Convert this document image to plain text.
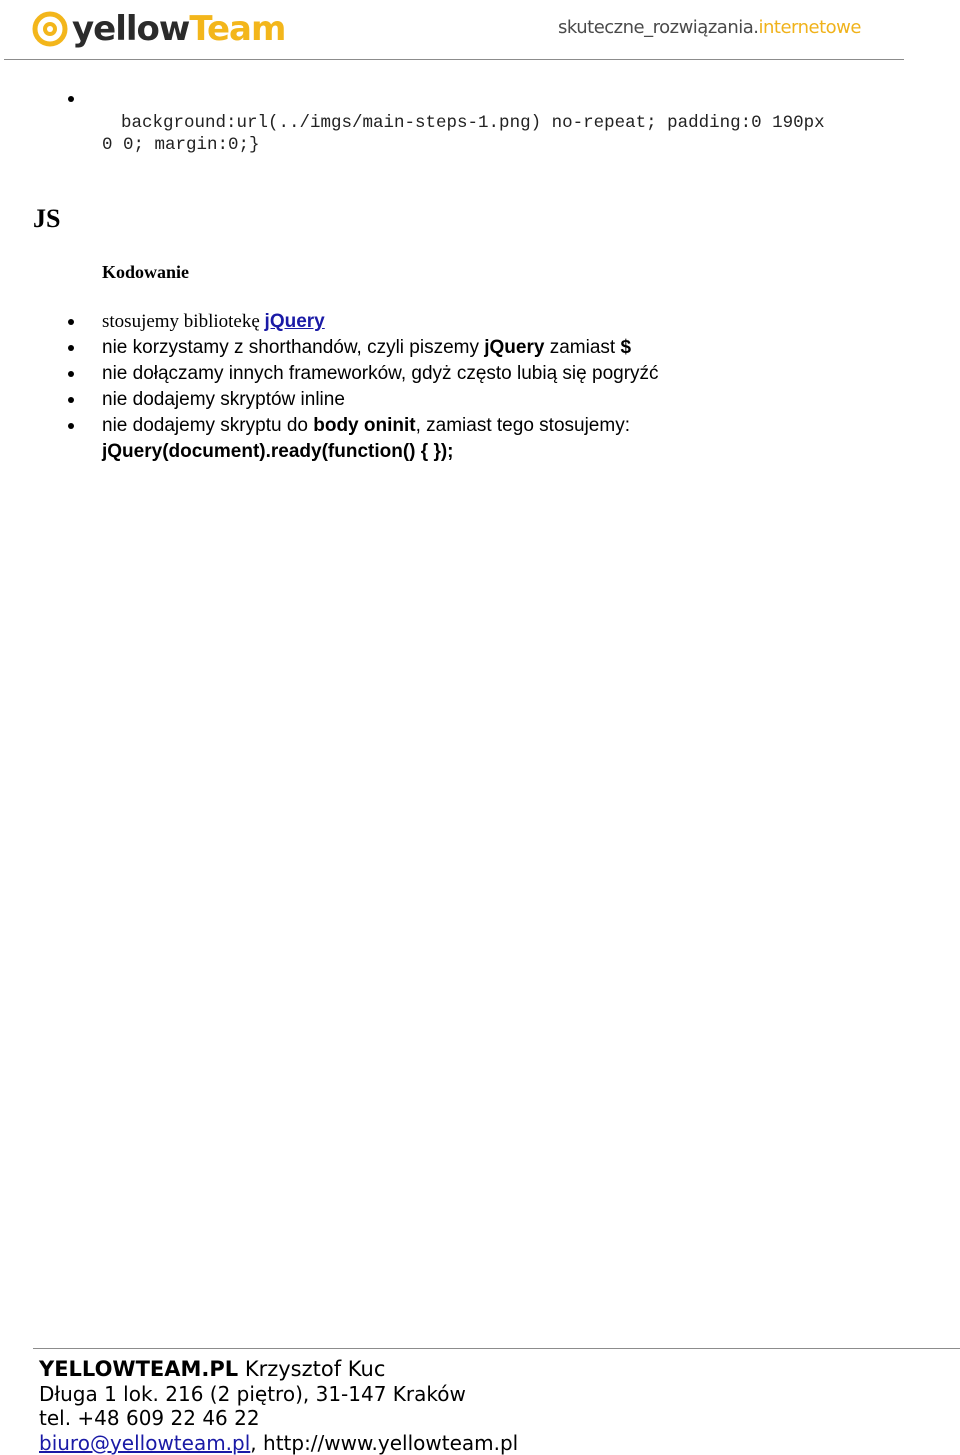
yellowTeam	skuteczne_rozwiązania.internetowe
background:url(../imgs/main-steps-1.png) no-repeat; padding:0 190px
0 0; margin:0;}
JS
Kodowanie
stosujemy bibliotekę jQuery
nie korzystamy z shorthandów, czyli piszemy jQuery zamiast $
nie dołączamy innych frameworków, gdyż często lubią się pogryźć
nie dodajemy skryptów inline
nie dodajemy skryptu do body oninit, zamiast tego stosujemy:
jQuery(document).ready(function() { });
YELLOWTEAM.PL Krzysztof Kuc
Długa 1 lok. 216 (2 piętro), 31-147 Kraków
tel. +48 609 22 46 22
biuro@yellowteam.pl, http://www.yellowteam.pl
